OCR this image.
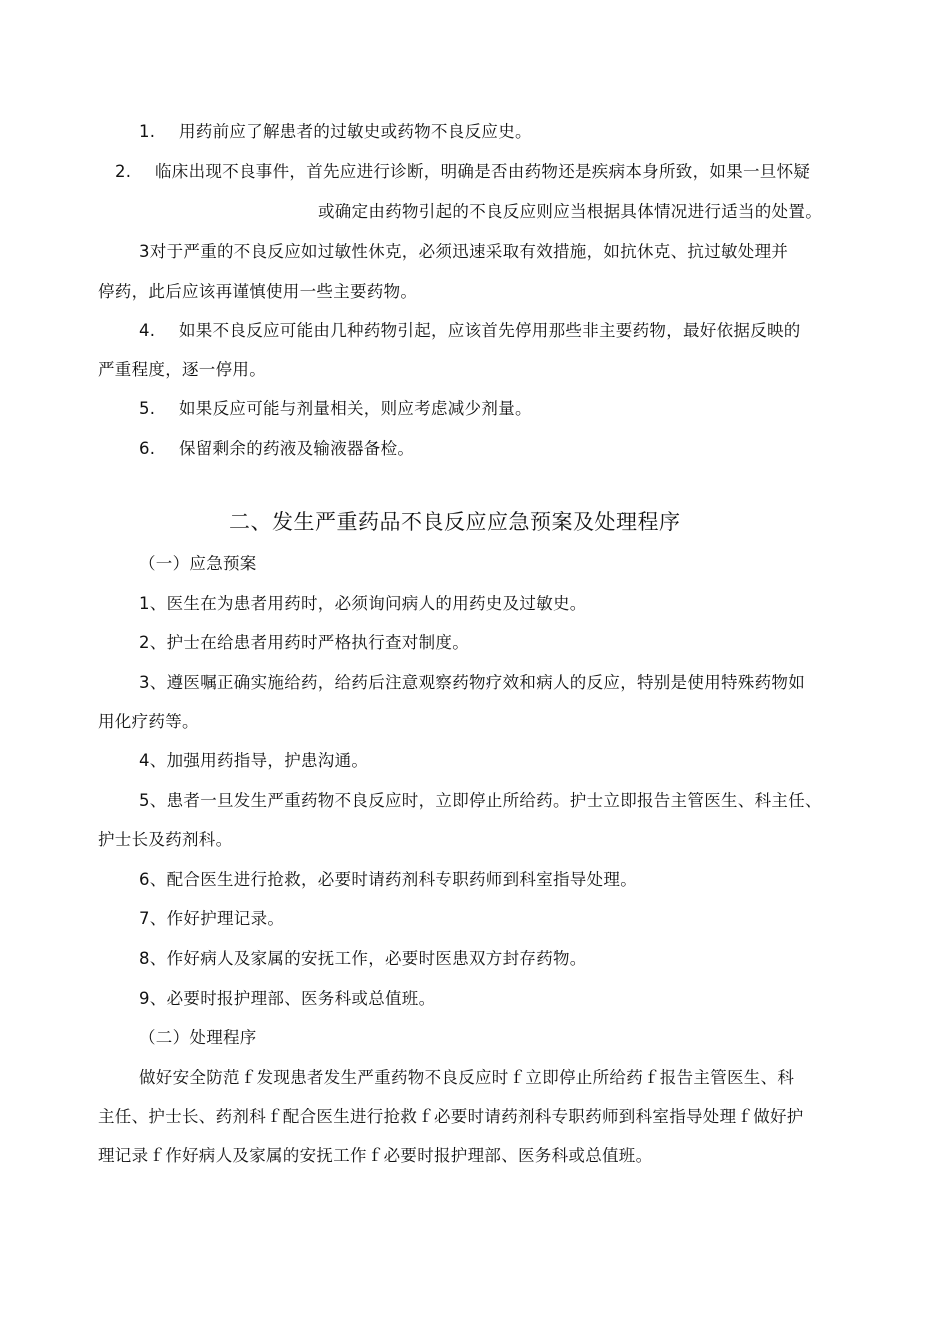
1. 用药前应了解患者的过敏史或药物不良反应史。
2. 临床出现不良事件，首先应进行诊断，明确是否由药物还是疾病本身所致，如果一旦怀疑
或确定由药物引起的不良反应则应当根据具体情况进行适当的处置。
3对于严重的不良反应如过敏性休克，必须迅速采取有效措施，如抗休克、抗过敏处理并
停药，此后应该再谨慎使用一些主要药物。
4. 如果不良反应可能由几种药物引起，应该首先停用那些非主要药物，最好依据反映的
严重程度，逐一停用。
5. 如果反应可能与剂量相关，则应考虑减少剂量。
6. 保留剩余的药液及输液器备检。
二、发生严重药品不良反应应急预案及处理程序
（一）应急预案
1、医生在为患者用药时，必须询问病人的用药史及过敏史。
2、护士在给患者用药时严格执行查对制度。
3、遵医嘱正确实施给药，给药后注意观察药物疗效和病人的反应，特别是使用特殊药物如
用化疗药等。
4、加强用药指导，护患沟通。
5、患者一旦发生严重药物不良反应时，立即停止所给药。护士立即报告主管医生、科主任、
护士长及药剂科。
6、配合医生进行抢救，必要时请药剂科专职药师到科室指导处理。
7、作好护理记录。
8、作好病人及家属的安抚工作，必要时医患双方封存药物。
9、必要时报护理部、医务科或总值班。
（二）处理程序
做好安全防范ｆ发现患者发生严重药物不良反应时ｆ立即停止所给药ｆ报告主管医生、科
主任、护士长、药剂科ｆ配合医生进行抢救ｆ必要时请药剂科专职药师到科室指导处理ｆ做好护
理记录ｆ作好病人及家属的安抚工作ｆ必要时报护理部、医务科或总值班。
